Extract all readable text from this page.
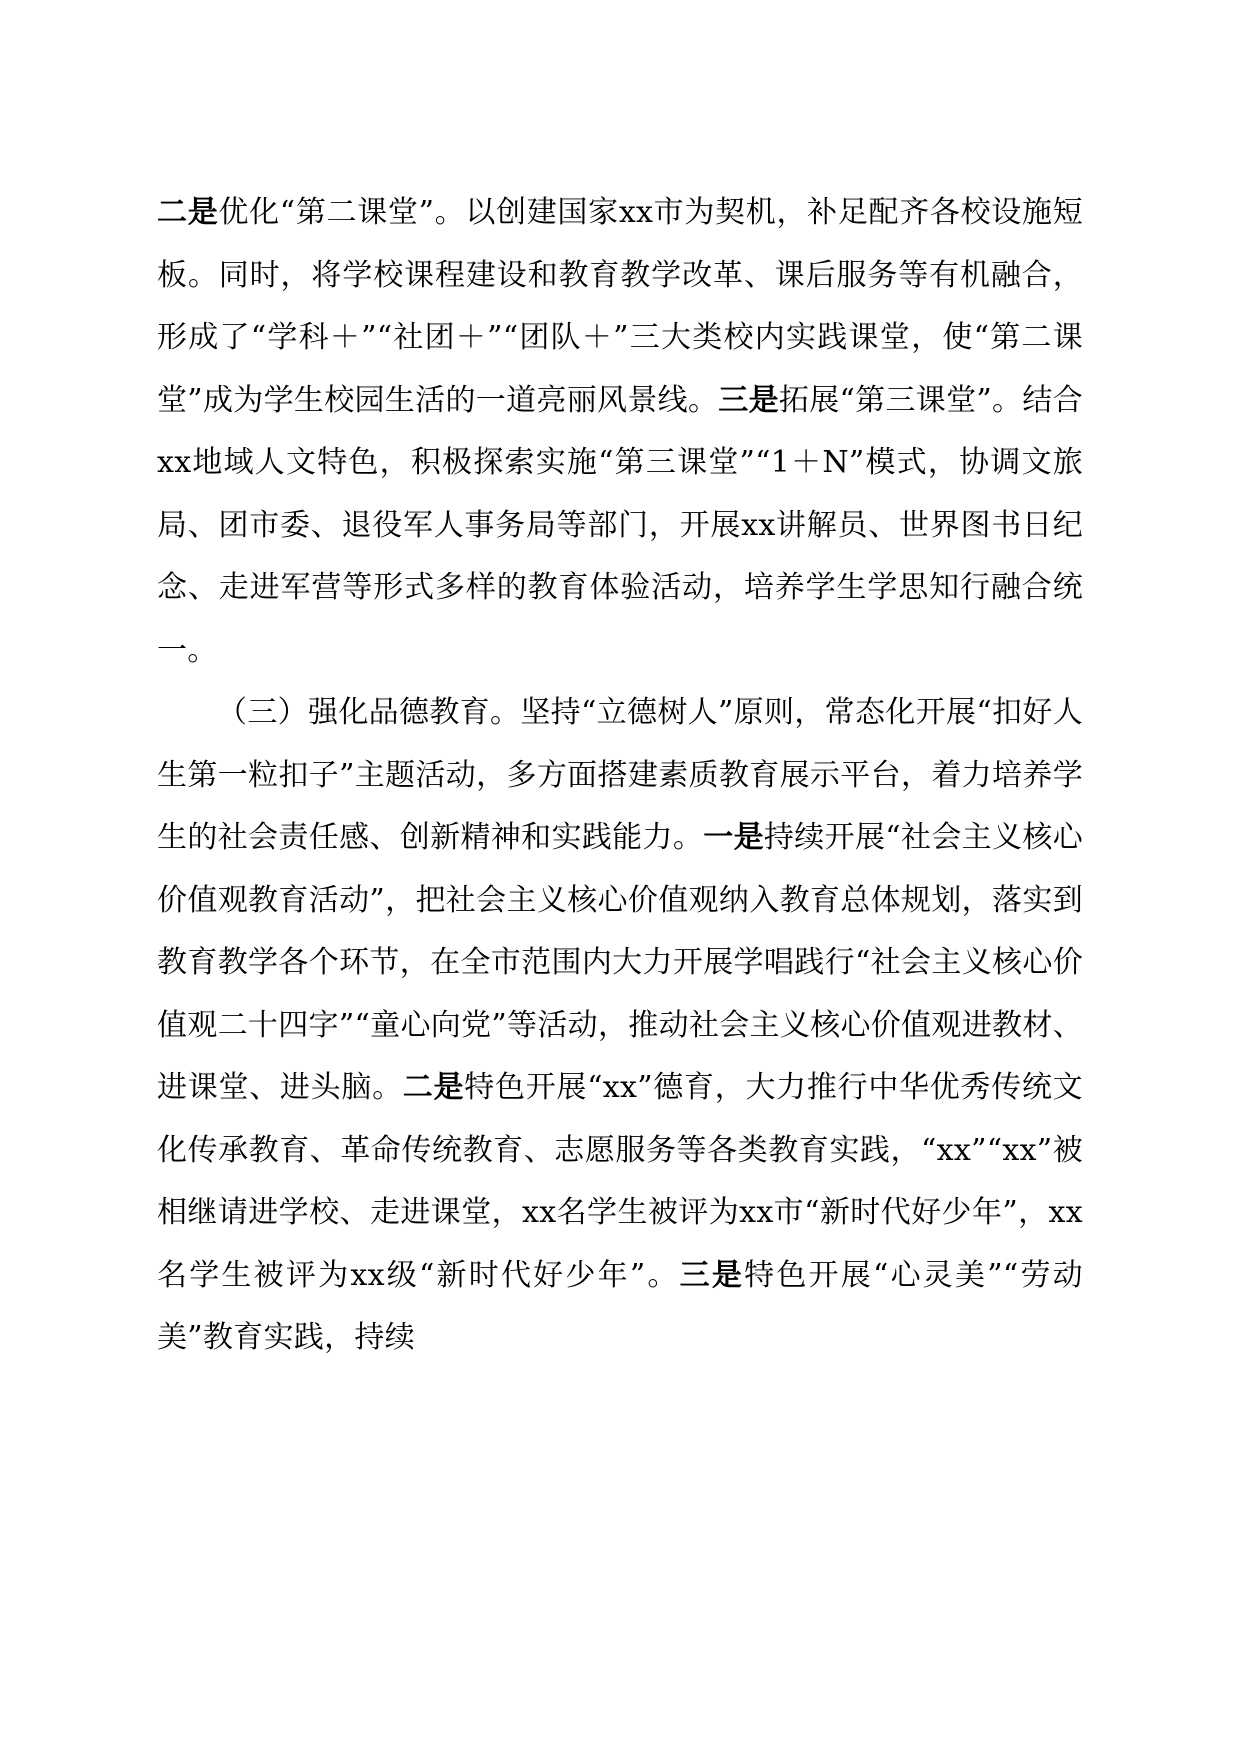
二是优化“第二课堂”。以创建国家xx市为契机，补足配齐各校设施短板。同时，将学校课程建设和教育教学改革、课后服务等有机融合，形成了“学科＋”“社团＋”“团队＋”三大类校内实践课堂，使“第二课堂”成为学生校园生活的一道亮丽风景线。三是拓展“第三课堂”。结合xx地域人文特色，积极探索实施“第三课堂”“1＋N”模式，协调文旅局、团市委、退役军人事务局等部门，开展xx讲解员、世界图书日纪念、走进军营等形式多样的教育体验活动，培养学生学思知行融合统一。

（三）强化品德教育。坚持“立德树人”原则，常态化开展“扣好人生第一粒扣子”主题活动，多方面搭建素质教育展示平台，着力培养学生的社会责任感、创新精神和实践能力。一是持续开展“社会主义核心价值观教育活动”，把社会主义核心价值观纳入教育总体规划，落实到教育教学各个环节，在全市范围内大力开展学唱践行“社会主义核心价值观二十四字”“童心向党”等活动，推动社会主义核心价值观进教材、进课堂、进头脑。二是特色开展“xx”德育，大力推行中华优秀传统文化传承教育、革命传统教育、志愿服务等各类教育实践，“xx”“xx”被相继请进学校、走进课堂，xx名学生被评为xx市“新时代好少年”，xx名学生被评为xx级“新时代好少年”。三是特色开展“心灵美”“劳动美”教育实践，持续
